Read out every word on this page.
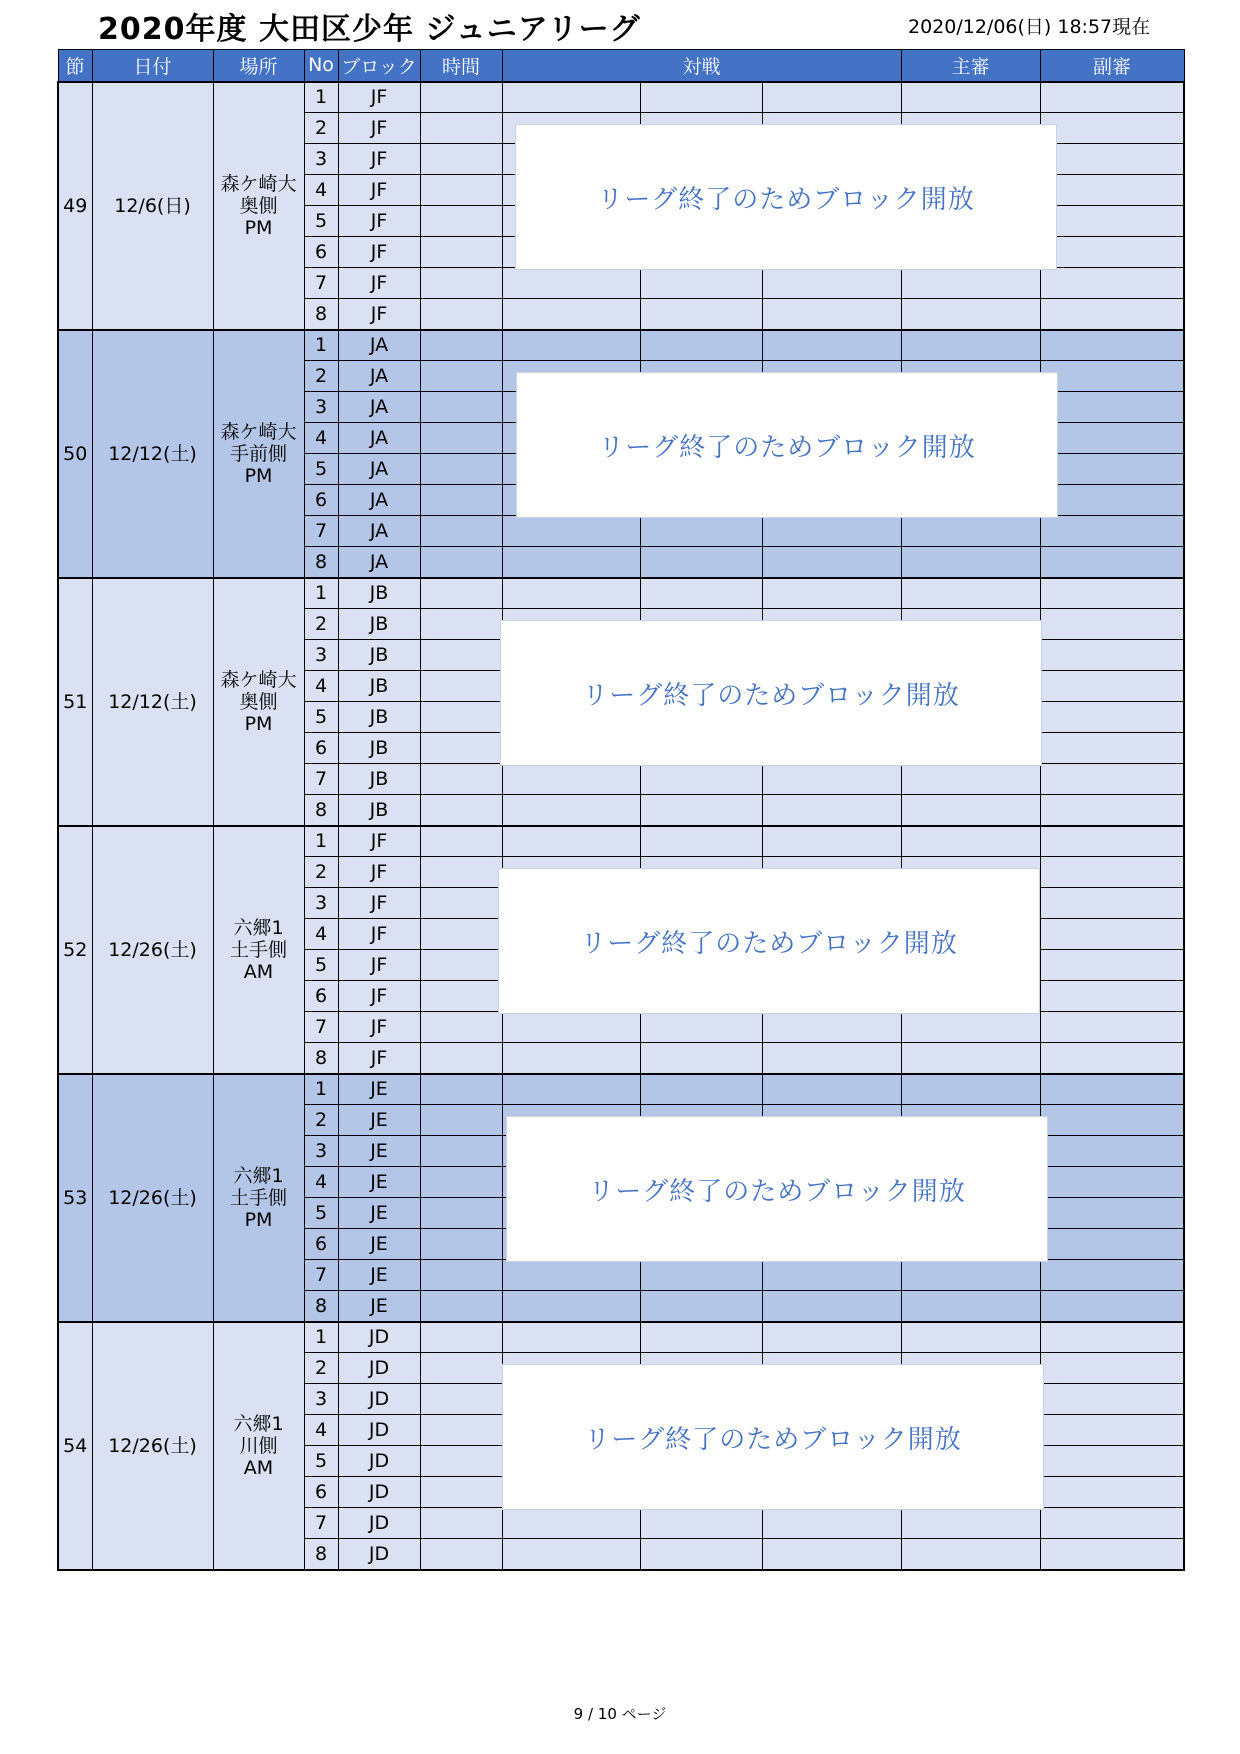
2020年度 大田区少年 ジュニアリーグ	2020/12/06(日) 18:57現在
節	日付	場所	No	ブロック	時間	対戦			主審	副審
49	12/6(日)	森ケ崎大
奥側
PM	1	JF						
			2	JF						
			3	JF						
			4	JF						
			5	JF						
			6	JF						
			7	JF						
			8	JF						
50	12/12(土)	森ケ崎大
手前側
PM	1	JA						
			2	JA						
			3	JA						
			4	JA						
			5	JA						
			6	JA						
			7	JA						
			8	JA						
51	12/12(土)	森ケ崎大
奥側
PM	1	JB						
			2	JB						
			3	JB						
			4	JB						
			5	JB						
			6	JB						
			7	JB						
			8	JB						
52	12/26(土)	六郷1
土手側
AM	1	JF						
			2	JF						
			3	JF						
			4	JF						
			5	JF						
			6	JF						
			7	JF						
			8	JF						
53	12/26(土)	六郷1
土手側
PM	1	JE						
			2	JE						
			3	JE						
			4	JE						
			5	JE						
			6	JE						
			7	JE						
			8	JE						
54	12/26(土)	六郷1
川側
AM	1	JD						
			2	JD						
			3	JD						
			4	JD						
			5	JD						
			6	JD						
			7	JD						
			8	JD						
リーグ終了のためブロック開放
リーグ終了のためブロック開放
リーグ終了のためブロック開放
リーグ終了のためブロック開放
リーグ終了のためブロック開放
リーグ終了のためブロック開放
9 / 10 ページ
